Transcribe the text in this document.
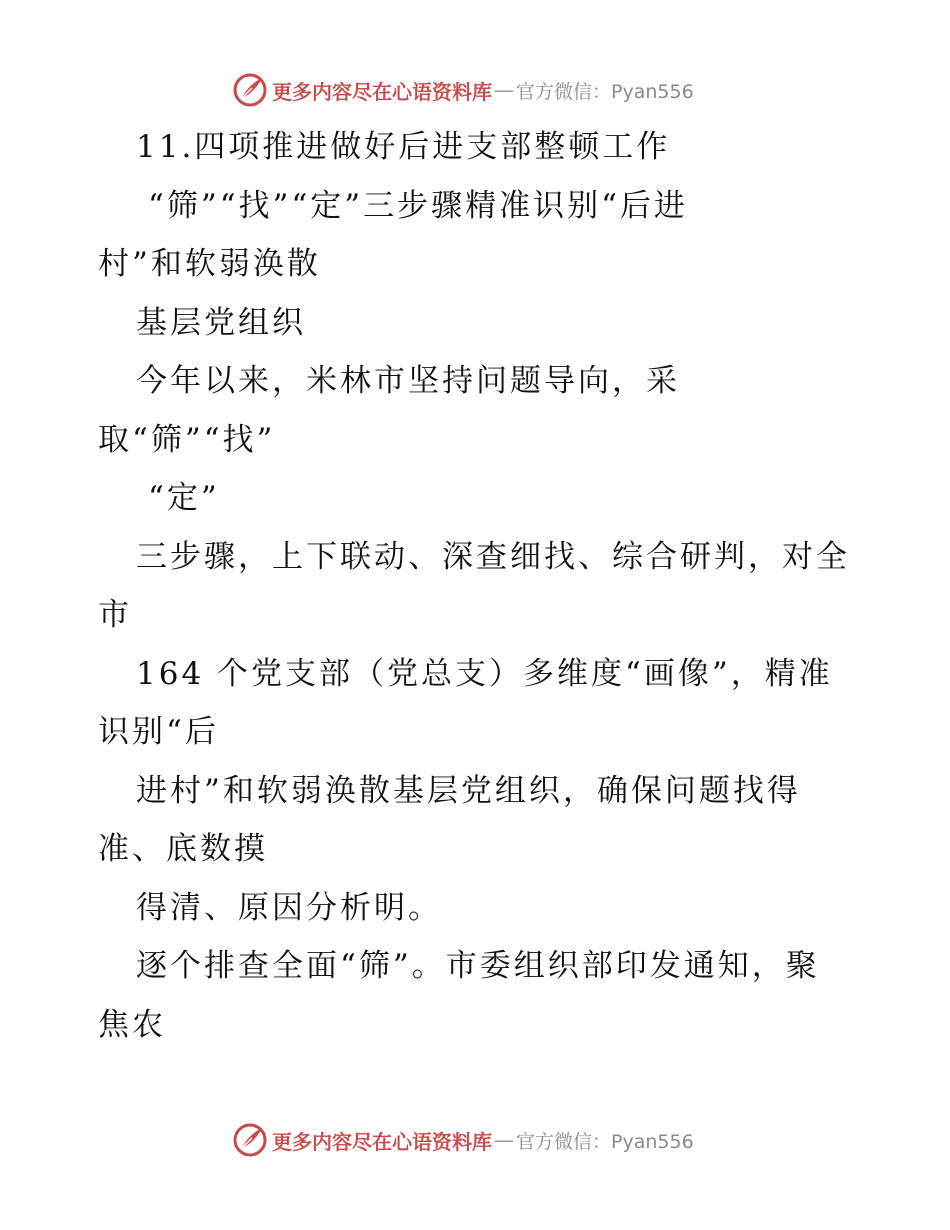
更多内容尽在心语资料库 — 官方微信：Pyan556
11.四项推进做好后进支部整顿工作
“筛”“找”“定”三步骤精准识别“后进
村”和软弱涣散
基层党组织
今年以来，米林市坚持问题导向，采
取“筛”“找”
“定”
三步骤，上下联动、深查细找、综合研判，对全
市
164 个党支部（党总支）多维度“画像”，精准
识别“后
进村”和软弱涣散基层党组织，确保问题找得
准、底数摸
得清、原因分析明。
逐个排查全面“筛”。市委组织部印发通知，聚
焦农
更多内容尽在心语资料库 — 官方微信：Pyan556
